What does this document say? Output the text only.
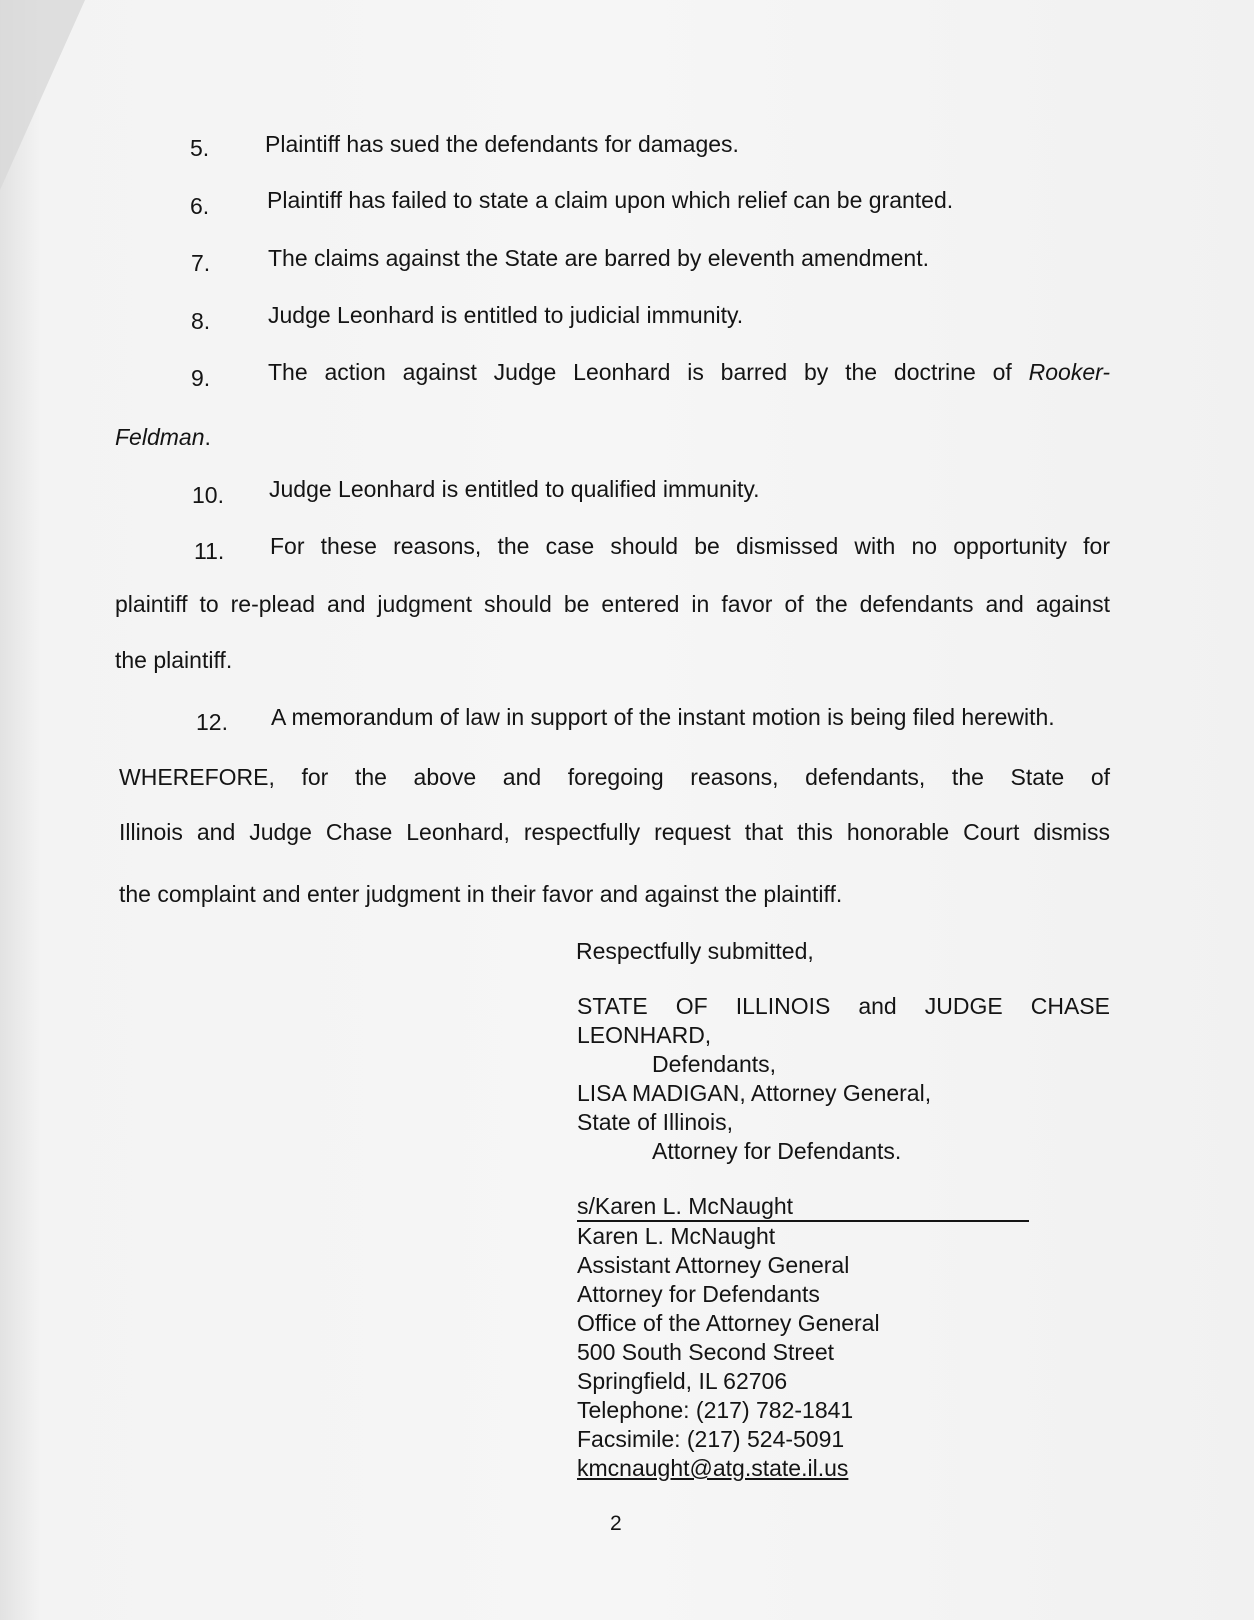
5. Plaintiff has sued the defendants for damages.
6.	Plaintiff has failed to state a claim upon which relief can be granted.
7.	The claims against the State are barred by eleventh amendment.
8.	Judge Leonhard is entitled to judicial immunity.
9.	The action against Judge Leonhard is barred by the doctrine of Rooker-
Feldman.
10. Judge Leonhard is entitled to qualified immunity.
11. For these reasons, the case should be dismissed with no opportunity for
plaintiff to re-plead and judgment should be entered in favor of the defendants and against
the plaintiff.
12. A memorandum of law in support of the instant motion is being filed herewith.
WHEREFORE, for the above and foregoing reasons, defendants, the State of
Illinois and Judge Chase Leonhard, respectfully request that this honorable Court dismiss
the complaint and enter judgment in their favor and against the plaintiff.
Respectfully submitted,
STATE OF ILLINOIS and JUDGE CHASE
LEONHARD,
Defendants,
LISA MADIGAN, Attorney General,
State of Illinois,
Attorney for Defendants.
s/Karen L. McNaught
Karen L. McNaught
Assistant Attorney General
Attorney for Defendants
Office of the Attorney General
500 South Second Street
Springfield, IL 62706
Telephone: (217) 782-1841
Facsimile: (217) 524-5091
kmcnaught@atg.state.il.us
2
